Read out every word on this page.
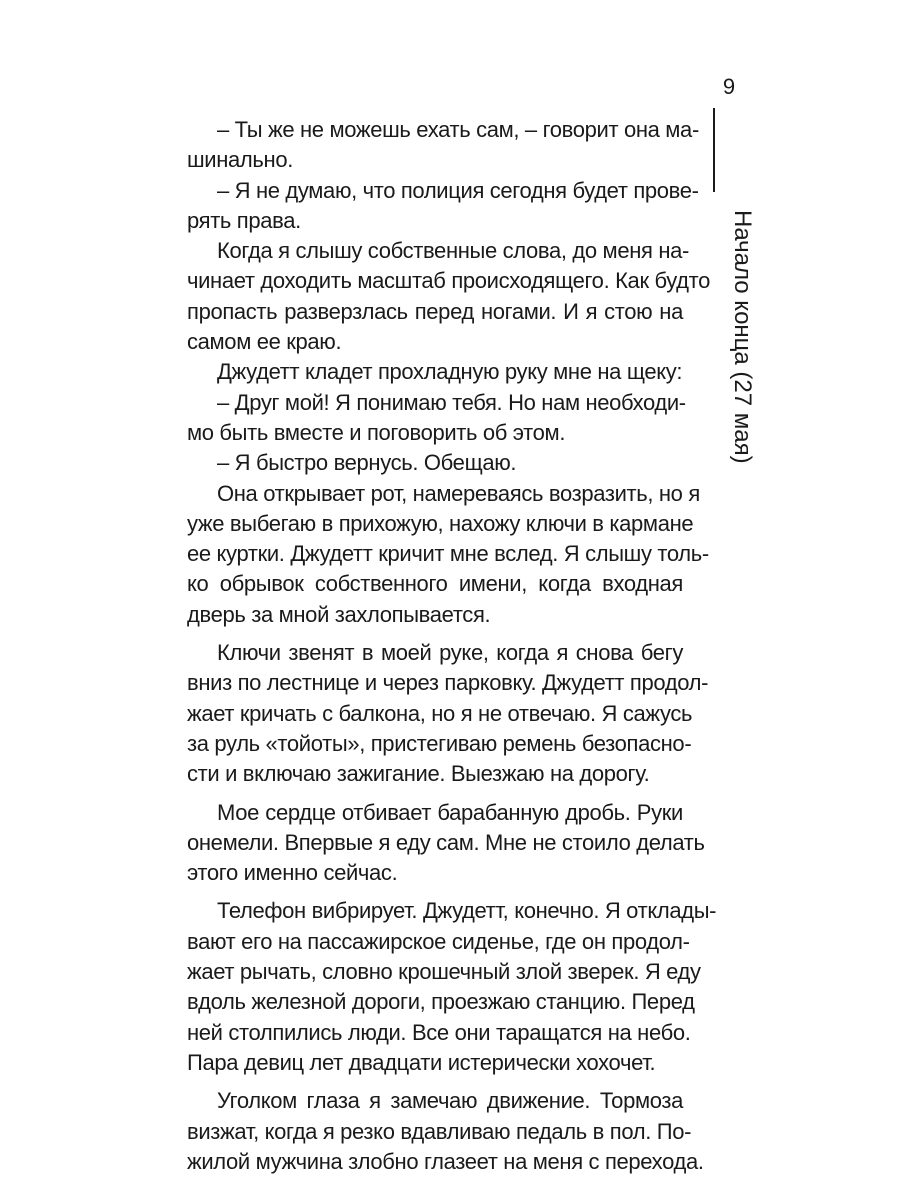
9
Начало конца (27 мая)
– Ты же не можешь ехать сам, – говорит она ма-
шинально.
– Я не думаю, что полиция сегодня будет прове-
рять права.
Когда я слышу собственные слова, до меня на-
чинает доходить масштаб происходящего. Как будто
пропасть разверзлась перед ногами. И я стою на
самом ее краю.
Джудетт кладет прохладную руку мне на щеку:
– Друг мой! Я понимаю тебя. Но нам необходи-
мо быть вместе и поговорить об этом.
– Я быстро вернусь. Обещаю.
Она открывает рот, намереваясь возразить, но я
уже выбегаю в прихожую, нахожу ключи в кармане
ее куртки. Джудетт кричит мне вслед. Я слышу толь-
ко обрывок собственного имени, когда входная
дверь за мной захлопывается.
Ключи звенят в моей руке, когда я снова бегу
вниз по лестнице и через парковку. Джудетт продол-
жает кричать с балкона, но я не отвечаю. Я сажусь
за руль «тойоты», пристегиваю ремень безопасно-
сти и включаю зажигание. Выезжаю на дорогу.
Мое сердце отбивает барабанную дробь. Руки
онемели. Впервые я еду сам. Мне не стоило делать
этого именно сейчас.
Телефон вибрирует. Джудетт, конечно. Я отклады-
вают его на пассажирское сиденье, где он продол-
жает рычать, словно крошечный злой зверек. Я еду
вдоль железной дороги, проезжаю станцию. Перед
ней столпились люди. Все они таращатся на небо.
Пара девиц лет двадцати истерически хохочет.
Уголком глаза я замечаю движение. Тормоза
визжат, когда я резко вдавливаю педаль в пол. По-
жилой мужчина злобно глазеет на меня с перехода.
